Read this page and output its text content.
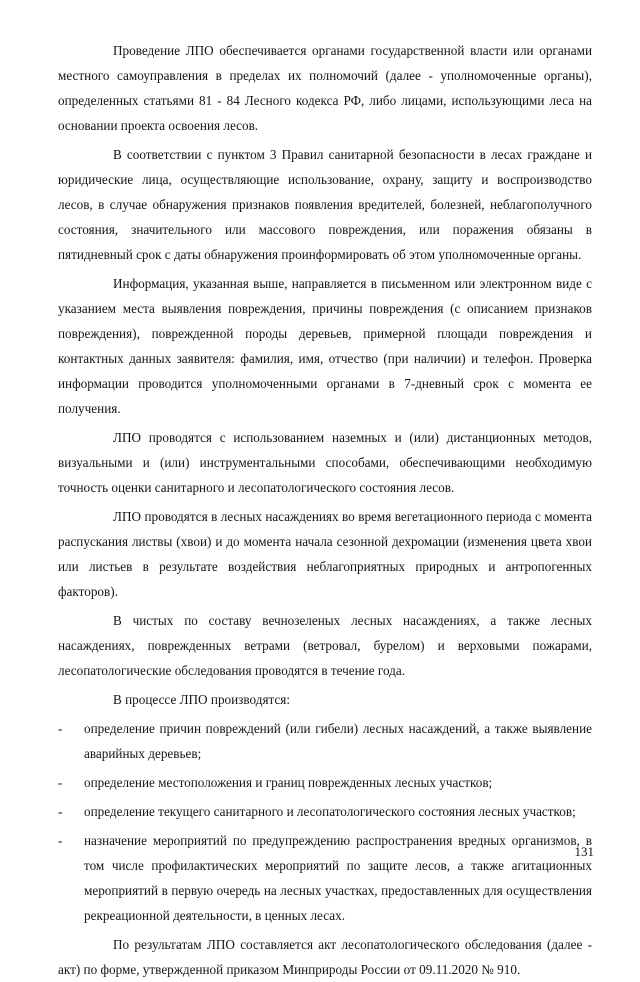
Проведение ЛПО обеспечивается органами государственной власти или органами местного самоуправления в пределах их полномочий (далее - уполномоченные органы), определенных статьями 81 - 84 Лесного кодекса РФ, либо лицами, использующими леса на основании проекта освоения лесов.

В соответствии с пунктом 3 Правил санитарной безопасности в лесах граждане и юридические лица, осуществляющие использование, охрану, защиту и воспроизводство лесов, в случае обнаружения признаков появления вредителей, болезней, неблагополучного состояния, значительного или массового повреждения, или поражения обязаны в пятидневный срок с даты обнаружения проинформировать об этом уполномоченные органы.

Информация, указанная выше, направляется в письменном или электронном виде с указанием места выявления повреждения, причины повреждения (с описанием признаков повреждения), поврежденной породы деревьев, примерной площади повреждения и контактных данных заявителя: фамилия, имя, отчество (при наличии) и телефон. Проверка информации проводится уполномоченными органами в 7-дневный срок с момента ее получения.

ЛПО проводятся с использованием наземных и (или) дистанционных методов, визуальными и (или) инструментальными способами, обеспечивающими необходимую точность оценки санитарного и лесопатологического состояния лесов.

ЛПО проводятся в лесных насаждениях во время вегетационного периода с момента распускания листвы (хвои) и до момента начала сезонной дехромации (изменения цвета хвои или листьев в результате воздействия неблагоприятных природных и антропогенных факторов).

В чистых по составу вечнозеленых лесных насаждениях, а также лесных насаждениях, поврежденных ветрами (ветровал, бурелом) и верховыми пожарами, лесопатологические обследования проводятся в течение года.

В процессе ЛПО производятся:

- определение причин повреждений (или гибели) лесных насаждений, а также выявление аварийных деревьев;
- определение местоположения и границ поврежденных лесных участков;
- определение текущего санитарного и лесопатологического состояния лесных участков;
- назначение мероприятий по предупреждению распространения вредных организмов, в том числе профилактических мероприятий по защите лесов, а также агитационных мероприятий в первую очередь на лесных участках, предоставленных для осуществления рекреационной деятельности, в ценных лесах.

По результатам ЛПО составляется акт лесопатологического обследования (далее - акт) по форме, утвержденной приказом Минприроды России от 09.11.2020 № 910.

131
